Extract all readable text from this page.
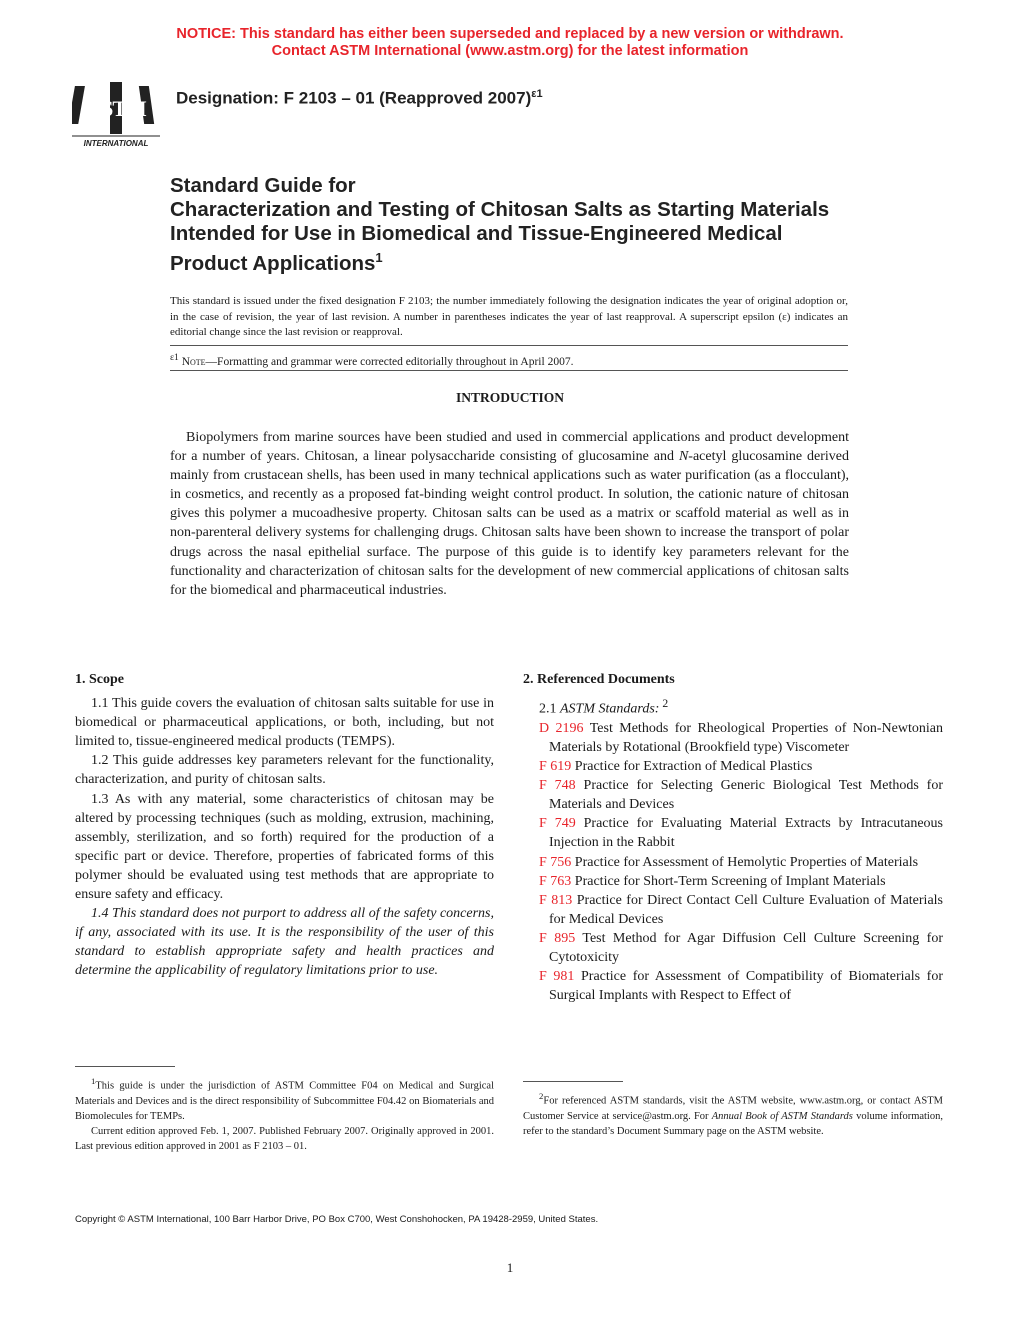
NOTICE: This standard has either been superseded and replaced by a new version or withdrawn.
Contact ASTM International (www.astm.org) for the latest information
ASTM
INTERNATIONAL
Designation: F 2103 – 01 (Reapproved 2007)$^{\varepsilon 1}$
Standard Guide for
Characterization and Testing of Chitosan Salts as Starting Materials Intended for Use in Biomedical and Tissue-Engineered Medical Product Applications$^1$
This standard is issued under the fixed designation F 2103; the number immediately following the designation indicates the year of original adoption or, in the case of revision, the year of last revision. A number in parentheses indicates the year of last reapproval. A superscript epsilon (ε) indicates an editorial change since the last revision or reapproval.
$^{\varepsilon 1}$ Note—Formatting and grammar were corrected editorially throughout in April 2007.
INTRODUCTION

Biopolymers from marine sources have been studied and used in commercial applications and product development for a number of years. Chitosan, a linear polysaccharide consisting of glucosamine and N-acetyl glucosamine derived mainly from crustacean shells, has been used in many technical applications such as water purification (as a flocculant), in cosmetics, and recently as a proposed fat-binding weight control product. In solution, the cationic nature of chitosan gives this polymer a mucoadhesive property. Chitosan salts can be used as a matrix or scaffold material as well as in non-parenteral delivery systems for challenging drugs. Chitosan salts have been shown to increase the transport of polar drugs across the nasal epithelial surface. The purpose of this guide is to identify key parameters relevant for the functionality and characterization of chitosan salts for the development of new commercial applications of chitosan salts for the biomedical and pharmaceutical industries.

1. Scope

1.1 This guide covers the evaluation of chitosan salts suitable for use in biomedical or pharmaceutical applications, or both, including, but not limited to, tissue-engineered medical products (TEMPS).

1.2 This guide addresses key parameters relevant for the functionality, characterization, and purity of chitosan salts.

1.3 As with any material, some characteristics of chitosan may be altered by processing techniques (such as molding, extrusion, machining, assembly, sterilization, and so forth) required for the production of a specific part or device. Therefore, properties of fabricated forms of this polymer should be evaluated using test methods that are appropriate to ensure safety and efficacy.

1.4 This standard does not purport to address all of the safety concerns, if any, associated with its use. It is the responsibility of the user of this standard to establish appropriate safety and health practices and determine the applicability of regulatory limitations prior to use.

2. Referenced Documents

2.1 ASTM Standards: $^2$

D 2196 Test Methods for Rheological Properties of Non-Newtonian Materials by Rotational (Brookfield type) Viscometer

F 619 Practice for Extraction of Medical Plastics

F 748 Practice for Selecting Generic Biological Test Methods for Materials and Devices

F 749 Practice for Evaluating Material Extracts by Intracutaneous Injection in the Rabbit

F 756 Practice for Assessment of Hemolytic Properties of Materials

F 763 Practice for Short-Term Screening of Implant Materials

F 813 Practice for Direct Contact Cell Culture Evaluation of Materials for Medical Devices

F 895 Test Method for Agar Diffusion Cell Culture Screening for Cytotoxicity

F 981 Practice for Assessment of Compatibility of Biomaterials for Surgical Implants with Respect to Effect of

$^1$This guide is under the jurisdiction of ASTM Committee F04 on Medical and Surgical Materials and Devices and is the direct responsibility of Subcommittee F04.42 on Biomaterials and Biomolecules for TEMPs.

Current edition approved Feb. 1, 2007. Published February 2007. Originally approved in 2001. Last previous edition approved in 2001 as F 2103 – 01.

$^2$For referenced ASTM standards, visit the ASTM website, www.astm.org, or contact ASTM Customer Service at service@astm.org. For Annual Book of ASTM Standards volume information, refer to the standard’s Document Summary page on the ASTM website.

Copyright © ASTM International, 100 Barr Harbor Drive, PO Box C700, West Conshohocken, PA 19428-2959, United States.
1
